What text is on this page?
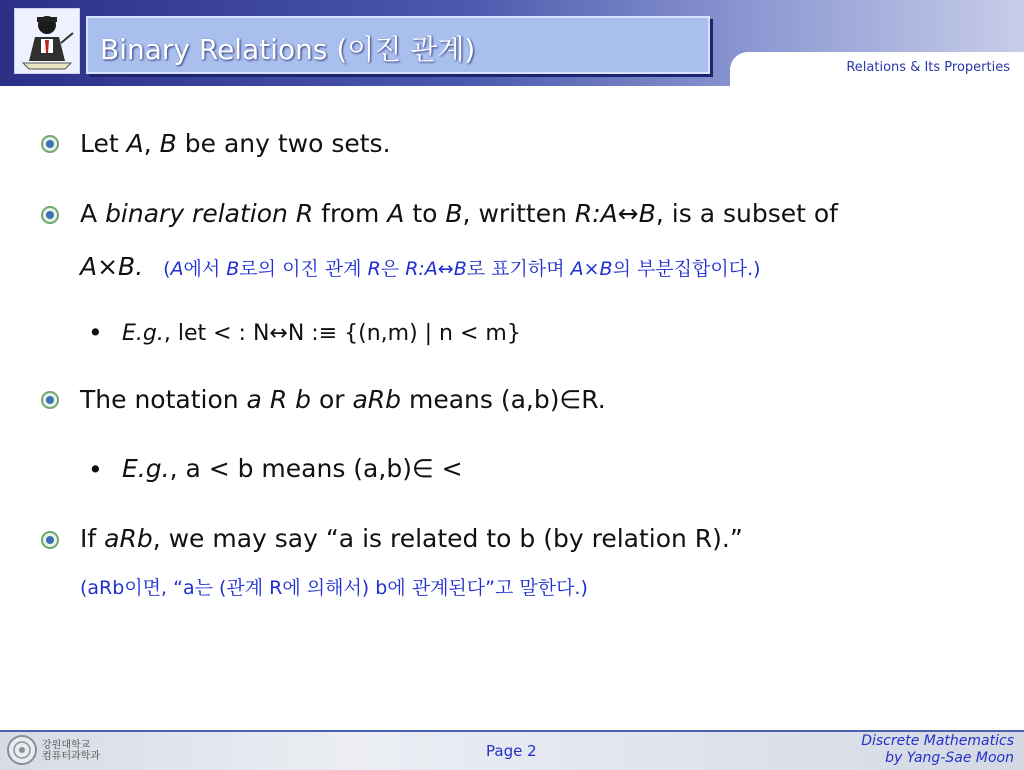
Binary Relations (이진 관계)
Relations & Its Properties
Let A, B be any two sets.
A binary relation R from A to B, written R:A↔B, is a subset of
A×B. (A에서 B로의 이진 관계 R은 R:A↔B로 표기하며 A×B의 부분집합이다.)
• E.g., let < : N↔N :≡ {(n,m) | n < m}
The notation a R b or aRb means (a,b)∈R.
• E.g., a < b means (a,b)∈ <
If aRb, we may say “a is related to b (by relation R).”
(aRb이면, “a는 (관계 R에 의해서) b에 관계된다”고 말한다.)
강원대학교
컴퓨터과학과	Page 2
Discrete Mathematics
by Yang-Sae Moon
